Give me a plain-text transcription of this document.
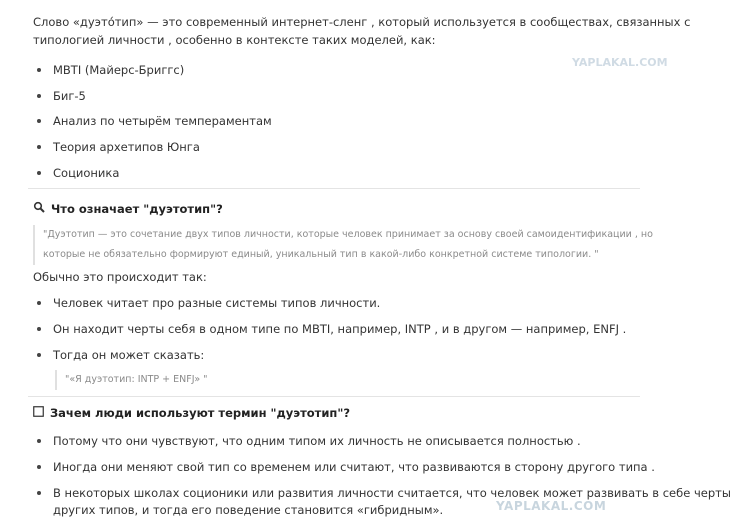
Слово «дуэто́тип» — это современный интернет-сленг , который используется в сообществах, связанных с
типологией личности , особенно в контексте таких моделей, как:
MBTI (Майерс-Бриггс)
Биг-5
Анализ по четырём темпераментам
Теория архетипов Юнга
Соционика
Что означает "дуэтотип"?
"Дуэтотип — это сочетание двух типов личности, которые человек принимает за основу своей самоидентификации , но
которые не обязательно формируют единый, уникальный тип в какой-либо конкретной системе типологии. "
Обычно это происходит так:
Человек читает про разные системы типов личности.
Он находит черты себя в одном типе по MBTI, например, INTP , и в другом — например, ENFJ .
Тогда он может сказать:
"«Я дуэтотип: INTP + ENFJ» "
Зачем люди используют термин "дуэтотип"?
Потому что они чувствуют, что одним типом их личность не описывается полностью .
Иногда они меняют свой тип со временем или считают, что развиваются в сторону другого типа .
В некоторых школах соционики или развития личности считается, что человек может развивать в себе черты
других типов, и тогда его поведение становится «гибридным».
YAPLAKAL.COM
YAPLAKAL.COM
